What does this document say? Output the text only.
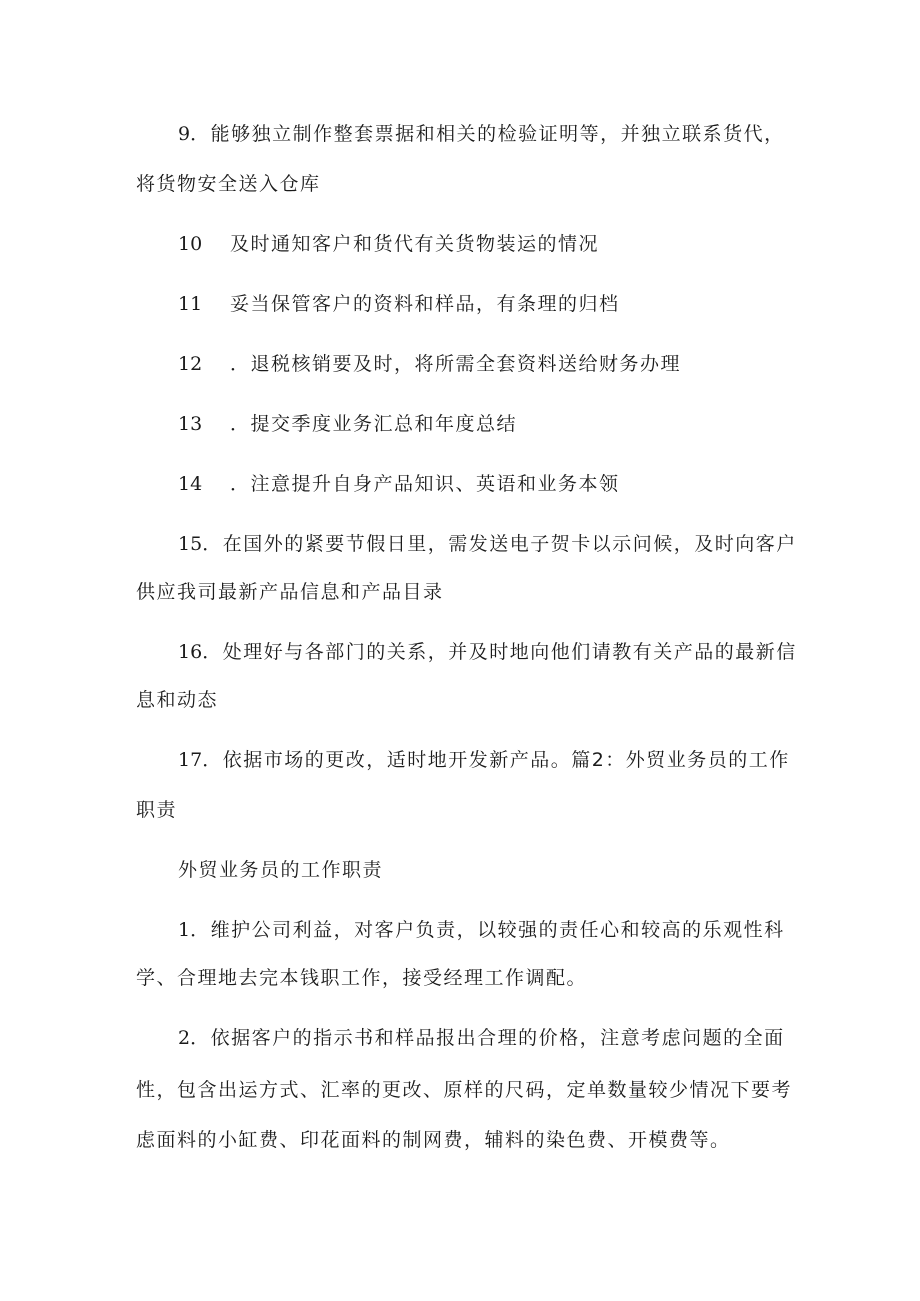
9．能够独立制作整套票据和相关的检验证明等，并独立联系货代，
将货物安全送入仓库
10 及时通知客户和货代有关货物装运的情况
11 妥当保管客户的资料和样品，有条理的归档
12 ．退税核销要及时，将所需全套资料送给财务办理
13 ．提交季度业务汇总和年度总结
14 ．注意提升自身产品知识、英语和业务本领
15．在国外的紧要节假日里，需发送电子贺卡以示问候，及时向客户
供应我司最新产品信息和产品目录
16．处理好与各部门的关系，并及时地向他们请教有关产品的最新信
息和动态
17．依据市场的更改，适时地开发新产品。篇2：外贸业务员的工作
职责
外贸业务员的工作职责
1．维护公司利益，对客户负责，以较强的责任心和较高的乐观性科
学、合理地去完本钱职工作，接受经理工作调配。
2．依据客户的指示书和样品报出合理的价格，注意考虑问题的全面
性，包含出运方式、汇率的更改、原样的尺码，定单数量较少情况下要考
虑面料的小缸费、印花面料的制网费，辅料的染色费、开模费等。
